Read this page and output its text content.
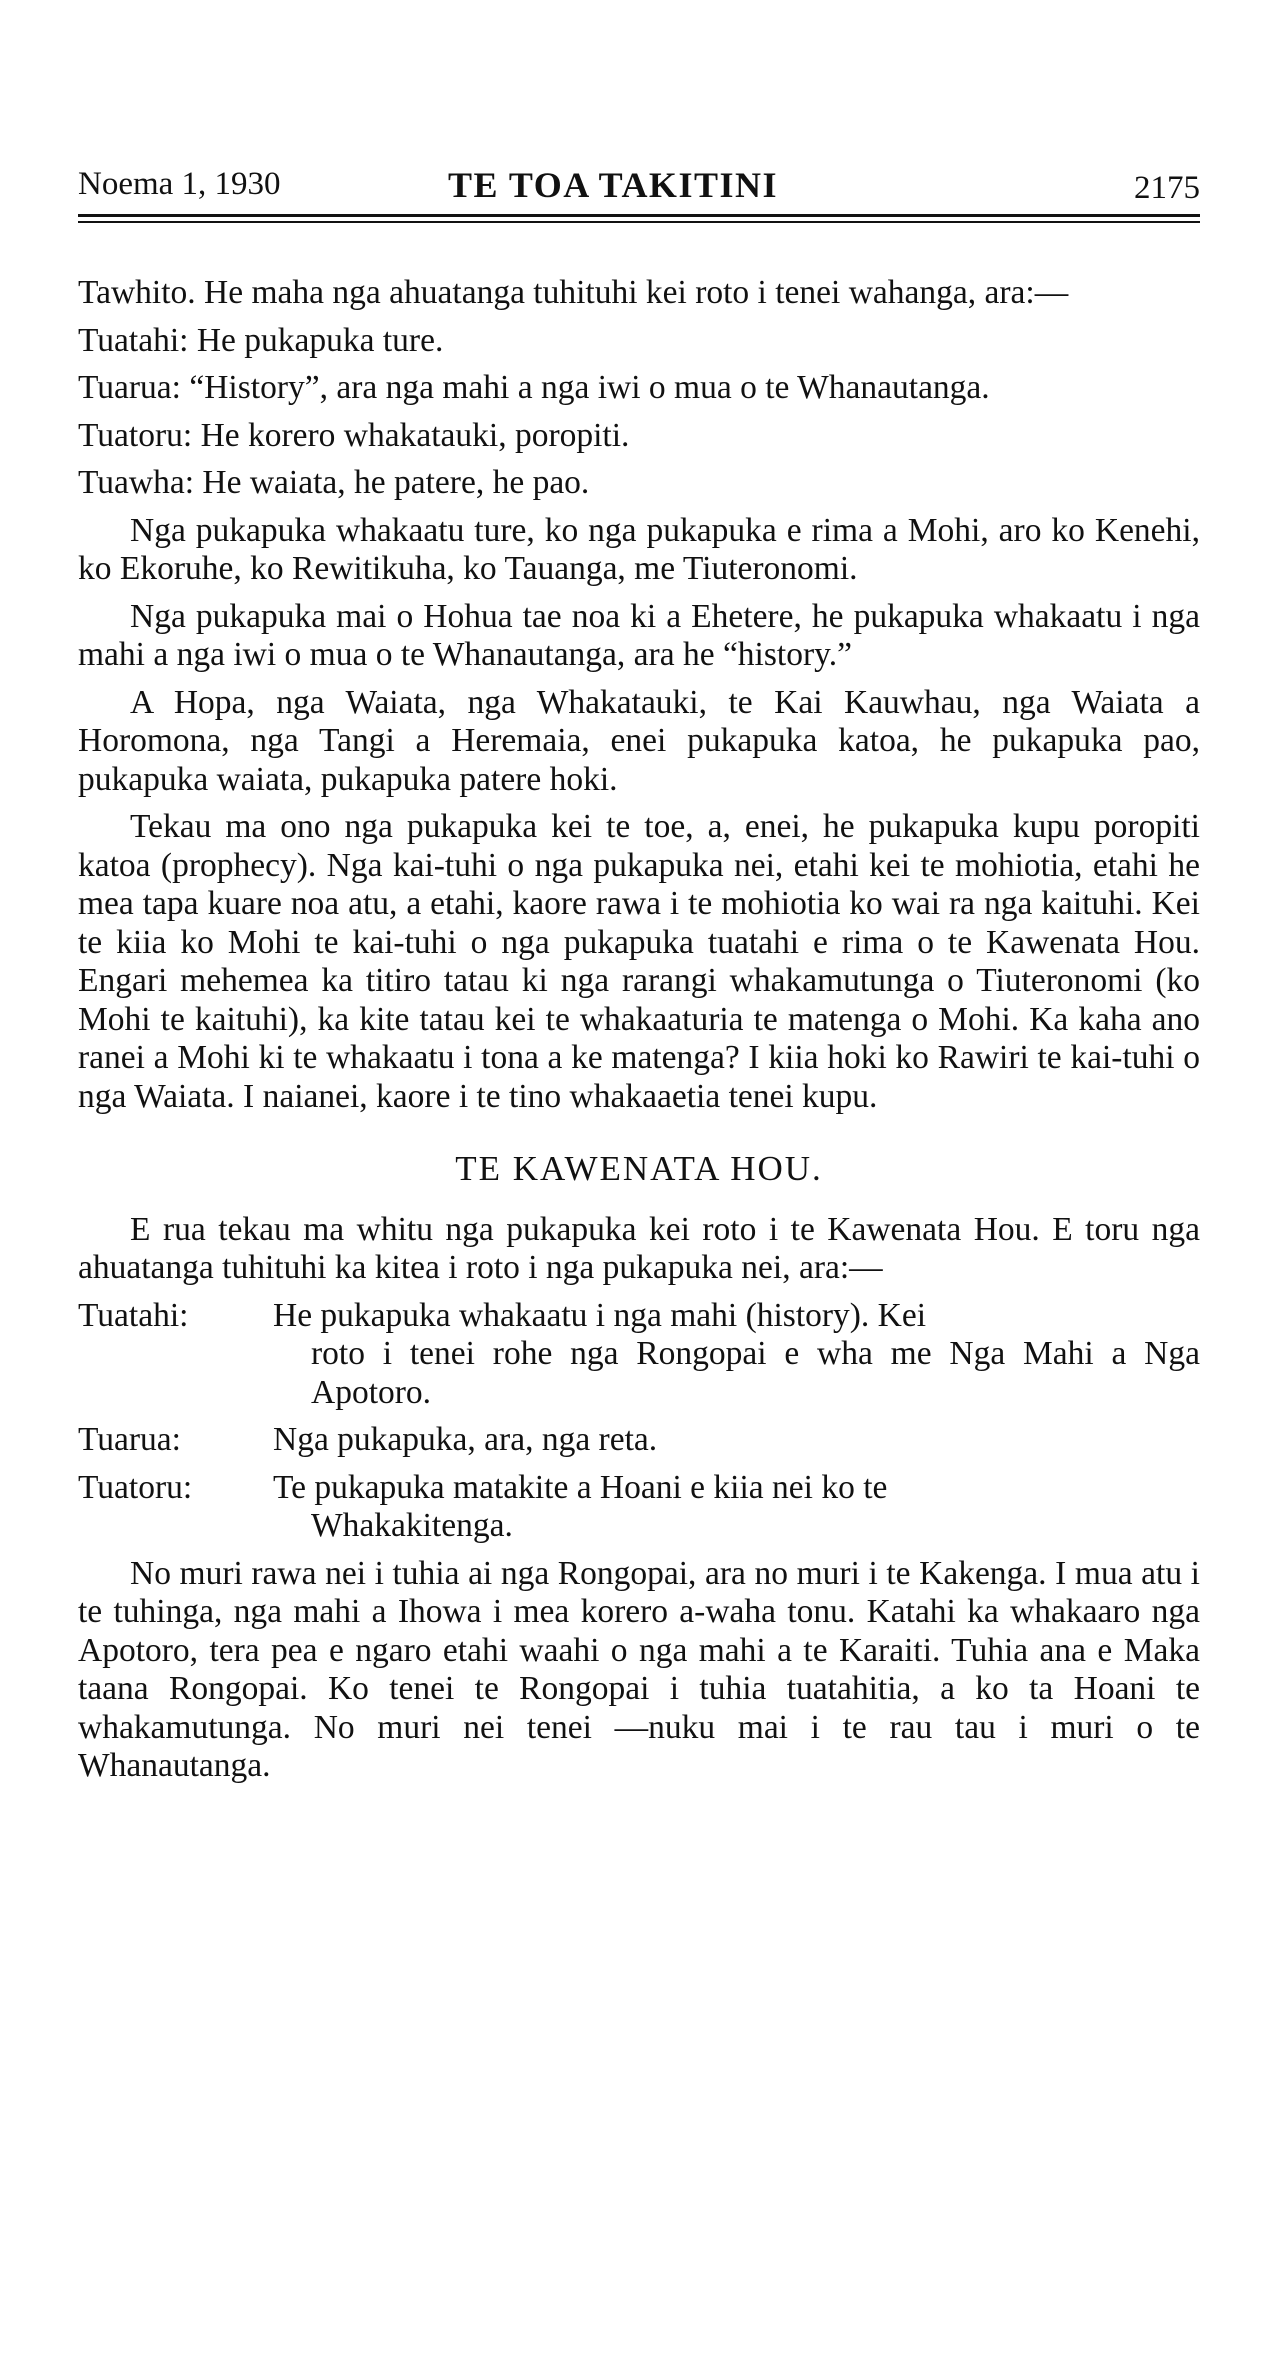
Noema 1, 1930	TE TOA TAKITINI	2175

Tawhito. He maha nga ahuatanga tuhituhi kei roto i tenei wahanga, ara:—

Tuatahi: He pukapuka ture.

Tuarua: “History”, ara nga mahi a nga iwi o mua o te Whanautanga.

Tuatoru: He korero whakatauki, poropiti.

Tuawha: He waiata, he patere, he pao.

Nga pukapuka whakaatu ture, ko nga pukapuka e rima a Mohi, aro ko Kenehi, ko Ekoruhe, ko Rewitikuha, ko Tauanga, me Tiuteronomi.

Nga pukapuka mai o Hohua tae noa ki a Ehetere, he pukapuka whakaatu i nga mahi a nga iwi o mua o te Whanautanga, ara he “history.”

A Hopa, nga Waiata, nga Whakatauki, te Kai Kauwhau, nga Waiata a Horomona, nga Tangi a Heremaia, enei pukapuka katoa, he pukapuka pao, pukapuka waiata, pukapuka patere hoki.

Tekau ma ono nga pukapuka kei te toe, a, enei, he pukapuka kupu poropiti katoa (prophecy). Nga kai-tuhi o nga pukapuka nei, etahi kei te mohiotia, etahi he mea tapa kuare noa atu, a etahi, kaore rawa i te mohiotia ko wai ra nga kaituhi. Kei te kiia ko Mohi te kai-tuhi o nga pukapuka tuatahi e rima o te Kawenata Hou. Engari mehemea ka titiro tatau ki nga rarangi whakamutunga o Tiuteronomi (ko Mohi te kaituhi), ka kite tatau kei te whakaaturia te matenga o Mohi. Ka kaha ano ranei a Mohi ki te whakaatu i tona a ke matenga? I kiia hoki ko Rawiri te kai-tuhi o nga Waiata. I naianei, kaore i te tino whakaaetia tenei kupu.

TE KAWENATA HOU.

E rua tekau ma whitu nga pukapuka kei roto i te Kawenata Hou. E toru nga ahuatanga tuhituhi ka kitea i roto i nga pukapuka nei, ara:—

Tuatahi:	He pukapuka whakaatu i nga mahi (history). Kei
roto i tenei rohe nga Rongopai e wha me Nga Mahi a Nga Apotoro.
Tuarua:	Nga pukapuka, ara, nga reta.
Tuatoru:	Te pukapuka matakite a Hoani e kiia nei ko te
Whakakitenga.

No muri rawa nei i tuhia ai nga Rongopai, ara no muri i te Kakenga. I mua atu i te tuhinga, nga mahi a Ihowa i mea korero a-waha tonu. Katahi ka whakaaro nga Apotoro, tera pea e ngaro etahi waahi o nga mahi a te Karaiti. Tuhia ana e Maka taana Rongopai. Ko tenei te Rongopai i tuhia tuatahitia, a ko ta Hoani te whakamutunga. No muri nei tenei —nuku mai i te rau tau i muri o te Whanautanga.
